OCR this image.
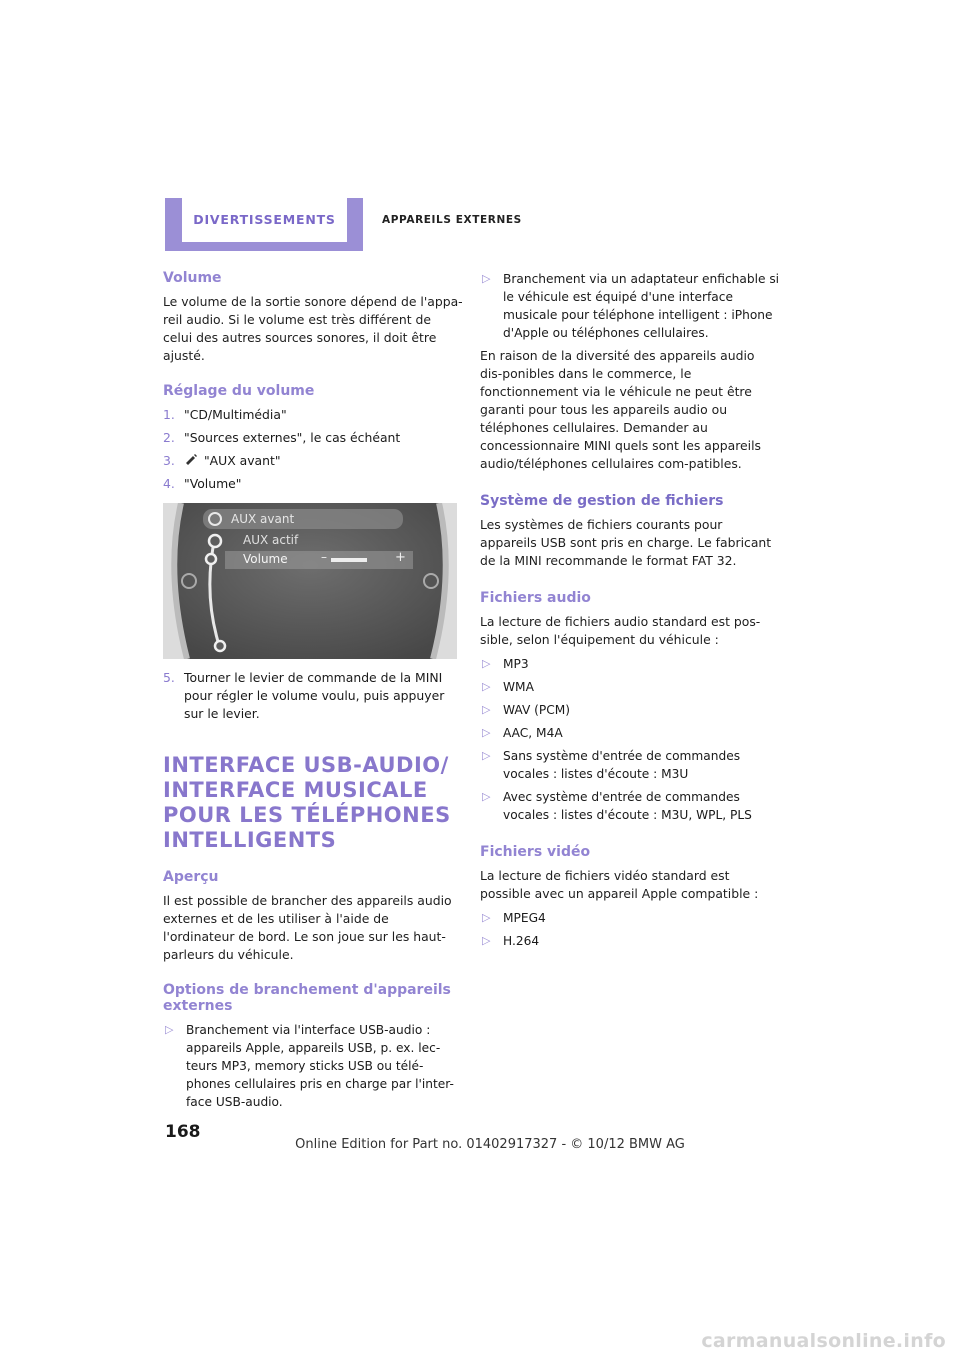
DIVERTISSEMENTS	APPAREILS EXTERNES
Volume

Le volume de la sortie sonore dépend de l'appa-reil audio. Si le volume est très différent de celui des autres sources sonores, il doit être ajusté.

Réglage du volume
1. "CD/Multimédia"
2. "Sources externes", le cas échéant
3.	"AUX avant"
4. "Volume"
AUX avant
AUX actif
Volume	–	+
5. Tourner le levier de commande de la MINI pour régler le volume voulu, puis appuyer sur le levier.
INTERFACE USB-AUDIO/ INTERFACE MUSICALE POUR LES TÉLÉPHONES INTELLIGENTS
Aperçu

Il est possible de brancher des appareils audio externes et de les utiliser à l'aide de l'ordinateur de bord. Le son joue sur les haut-parleurs du véhicule.

Options de branchement d'appareils externes
▷	Branchement via l'interface USB-audio : appareils Apple, appareils USB, p. ex. lec-teurs MP3, memory sticks USB ou télé-phones cellulaires pris en charge par l'inter-face USB-audio.
▷	Branchement via un adaptateur enfichable si le véhicule est équipé d'une interface musicale pour téléphone intelligent : iPhone d'Apple ou téléphones cellulaires.

En raison de la diversité des appareils audio dis-ponibles dans le commerce, le fonctionnement via le véhicule ne peut être garanti pour tous les appareils audio ou téléphones cellulaires. Demander au concessionnaire MINI quels sont les appareils audio/téléphones cellulaires com-patibles.

Système de gestion de fichiers

Les systèmes de fichiers courants pour appareils USB sont pris en charge. Le fabricant de la MINI recommande le format FAT 32.

Fichiers audio

La lecture de fichiers audio standard est pos-sible, selon l'équipement du véhicule :

▷	MP3
▷	WMA
▷	WAV (PCM)
▷	AAC, M4A
▷	Sans système d'entrée de commandes vocales : listes d'écoute : M3U
▷	Avec système d'entrée de commandes vocales : listes d'écoute : M3U, WPL, PLS
Fichiers vidéo

La lecture de fichiers vidéo standard est possible avec un appareil Apple compatible :

▷	MPEG4
▷	H.264
168
Online Edition for Part no. 01402917327 - © 10/12 BMW AG
carmanualsonline.info
